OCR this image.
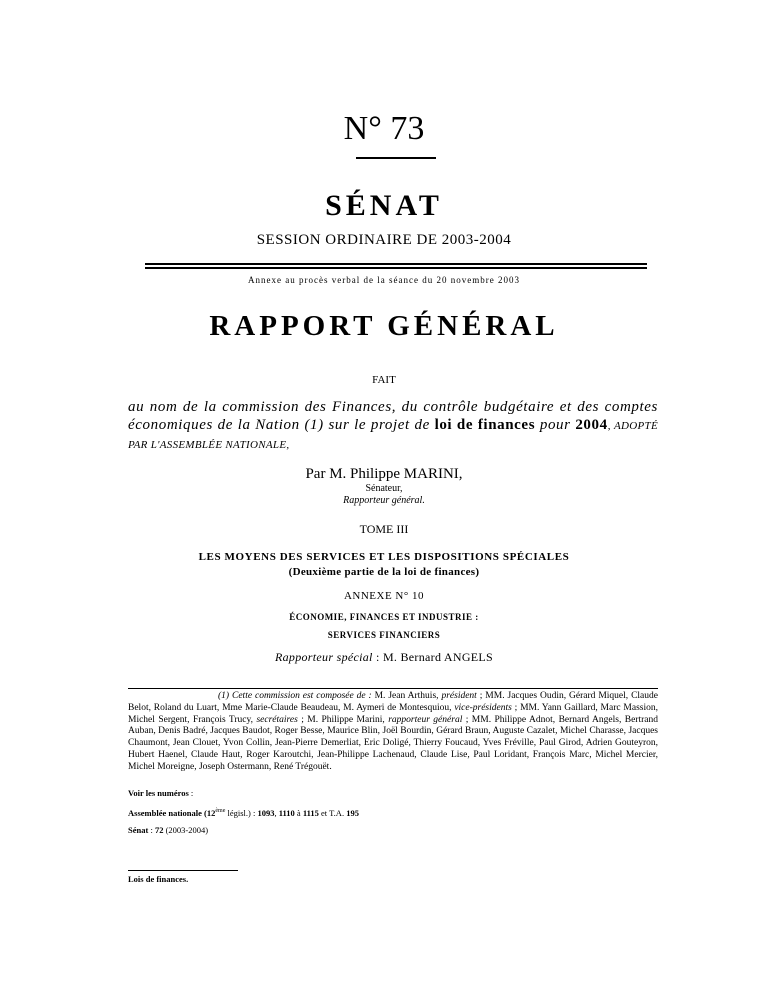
N° 73
SÉNAT
SESSION ORDINAIRE DE 2003-2004
Annexe au procès verbal de la séance du 20 novembre 2003
RAPPORT GÉNÉRAL
FAIT
au nom de la commission des Finances, du contrôle budgétaire et des comptes économiques de la Nation (1) sur le projet de loi de finances pour 2004, ADOPTÉ PAR L'ASSEMBLÉE NATIONALE,
Par M. Philippe MARINI,
Sénateur,
Rapporteur général.
TOME III
LES MOYENS DES SERVICES ET LES DISPOSITIONS SPÉCIALES
(Deuxième partie de la loi de finances)
ANNEXE N° 10
ÉCONOMIE, FINANCES ET INDUSTRIE :
SERVICES FINANCIERS
Rapporteur spécial : M. Bernard ANGELS
(1) Cette commission est composée de : M. Jean Arthuis, président ; MM. Jacques Oudin, Gérard Miquel, Claude Belot, Roland du Luart, Mme Marie-Claude Beaudeau, M. Aymeri de Montesquiou, vice-présidents ; MM. Yann Gaillard, Marc Massion, Michel Sergent, François Trucy, secrétaires ; M. Philippe Marini, rapporteur général ; MM. Philippe Adnot, Bernard Angels, Bertrand Auban, Denis Badré, Jacques Baudot, Roger Besse, Maurice Blin, Joël Bourdin, Gérard Braun, Auguste Cazalet, Michel Charasse, Jacques Chaumont, Jean Clouet, Yvon Collin, Jean-Pierre Demerliat, Eric Doligé, Thierry Foucaud, Yves Fréville, Paul Girod, Adrien Gouteyron, Hubert Haenel, Claude Haut, Roger Karoutchi, Jean-Philippe Lachenaud, Claude Lise, Paul Loridant, François Marc, Michel Mercier, Michel Moreigne, Joseph Ostermann, René Trégouët.
Voir les numéros :
Assemblée nationale (12ème législ.) : 1093, 1110 à 1115 et T.A. 195
Sénat : 72 (2003-2004)
Lois de finances.
